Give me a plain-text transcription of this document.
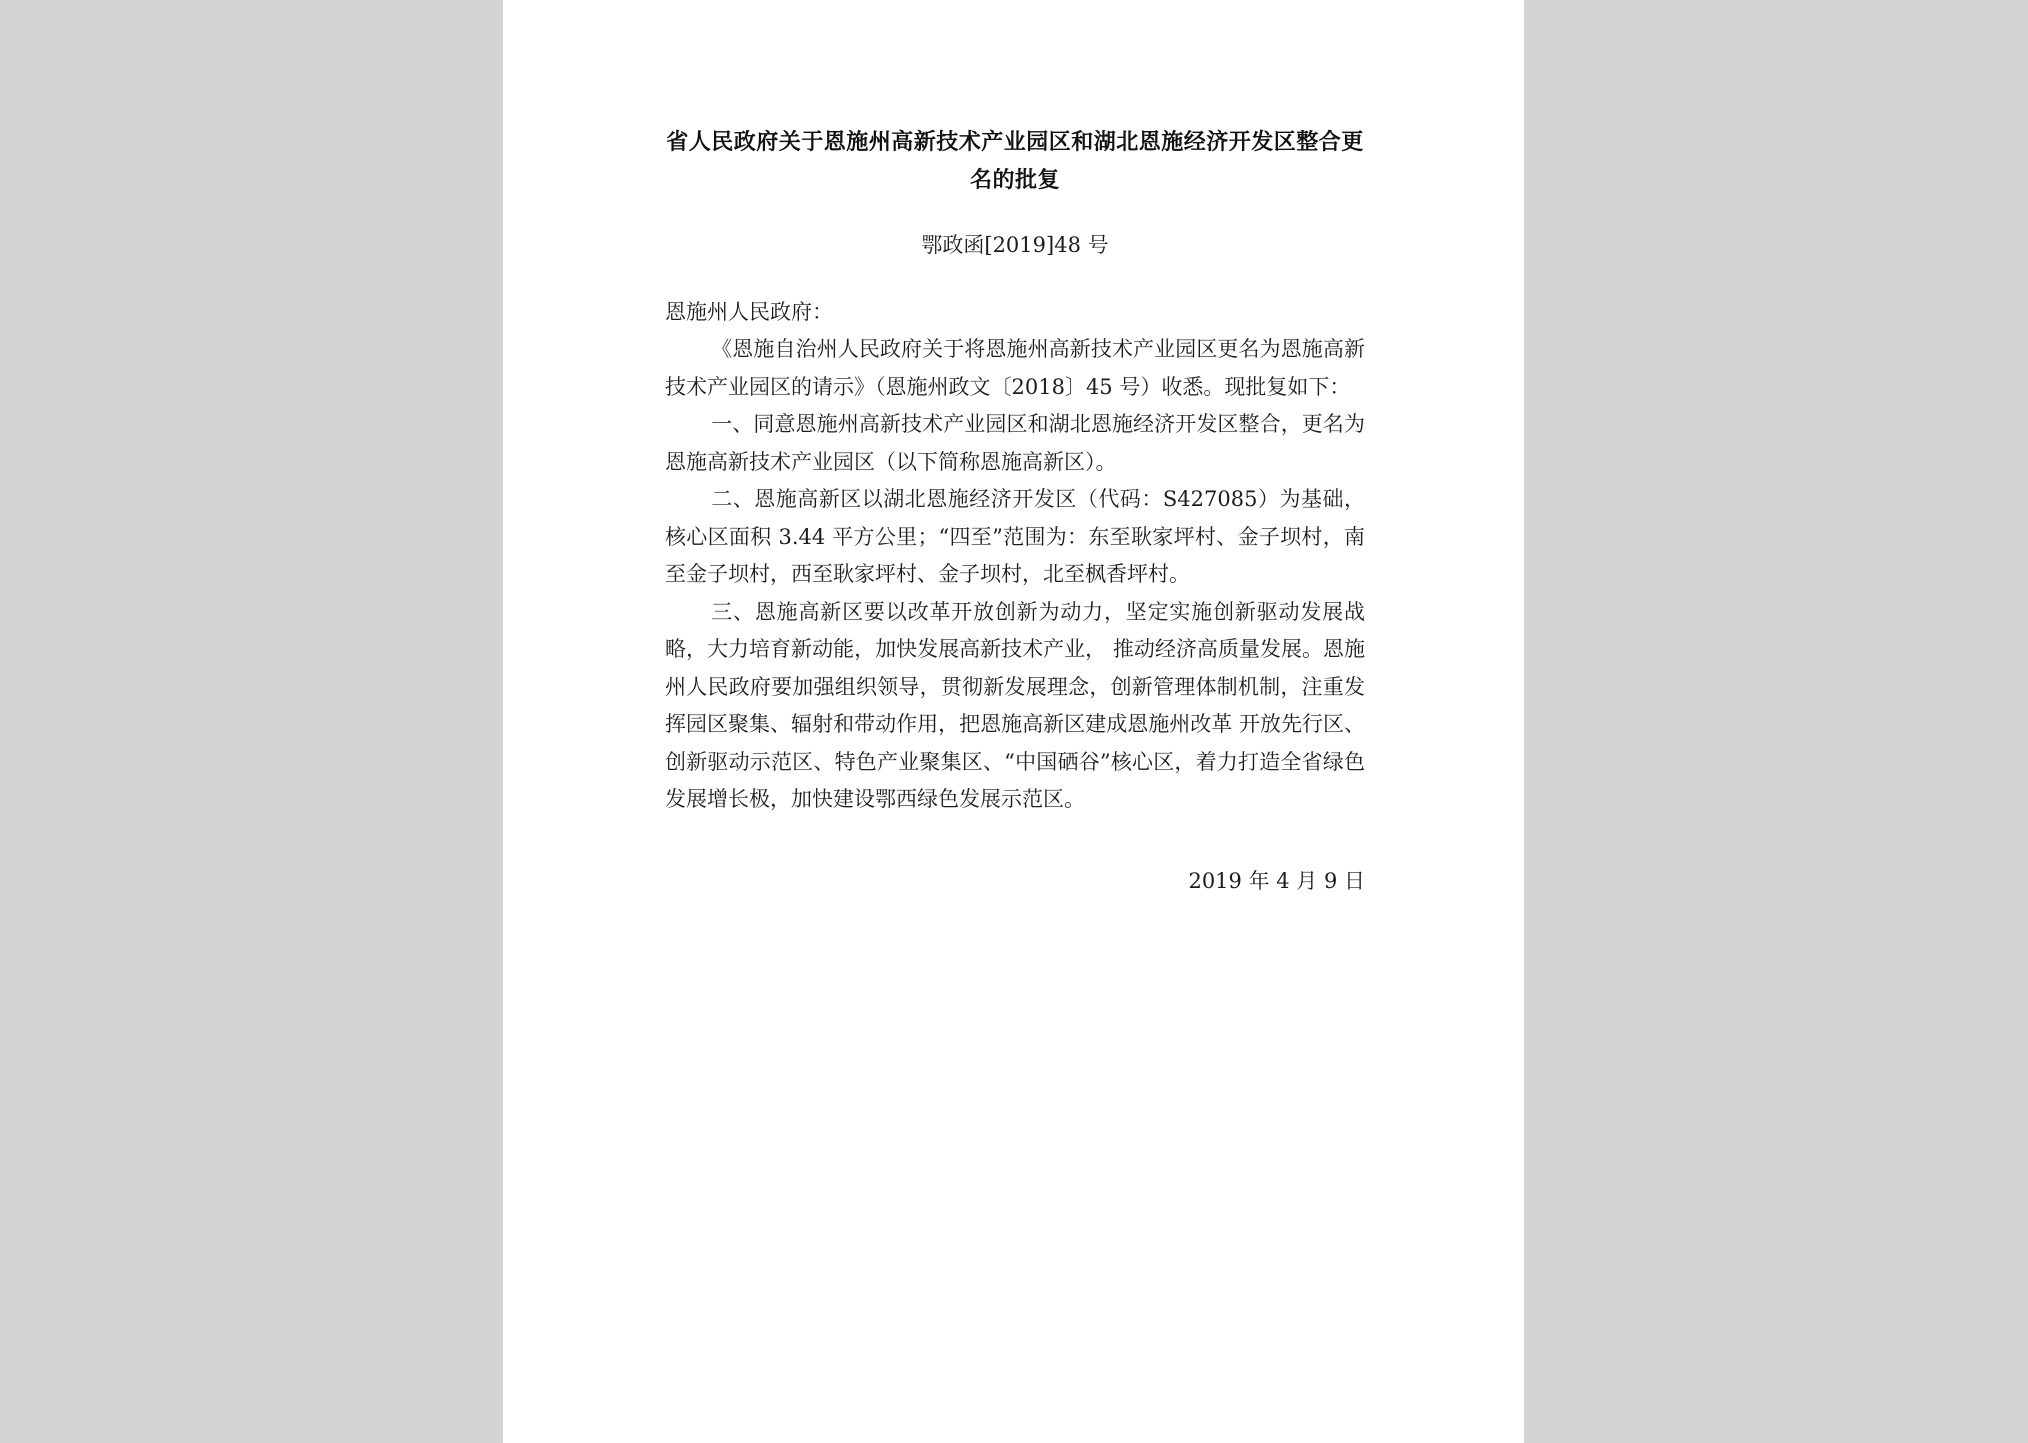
省人民政府关于恩施州高新技术产业园区和湖北恩施经济开发区整合更名的批复

鄂政函[2019]48 号

恩施州人民政府：

《恩施自治州人民政府关于将恩施州高新技术产业园区更名为恩施高新技术产业园区的请示》（恩施州政文〔2018〕45 号）收悉。现批复如下：

一、同意恩施州高新技术产业园区和湖北恩施经济开发区整合，更名为恩施高新技术产业园区（以下简称恩施高新区）。

二、恩施高新区以湖北恩施经济开发区（代码：S427085）为基础，核心区面积 3.44 平方公里；“四至”范围为：东至耿家坪村、金子坝村，南至金子坝村，西至耿家坪村、金子坝村，北至枫香坪村。

三、恩施高新区要以改革开放创新为动力，坚定实施创新驱动发展战略，大力培育新动能，加快发展高新技术产业， 推动经济高质量发展。恩施州人民政府要加强组织领导，贯彻新发展理念，创新管理体制机制，注重发挥园区聚集、辐射和带动作用，把恩施高新区建成恩施州改革 开放先行区、创新驱动示范区、特色产业聚集区、“中国硒谷”核心区，着力打造全省绿色发展增长极，加快建设鄂西绿色发展示范区。

2019 年 4 月 9 日
